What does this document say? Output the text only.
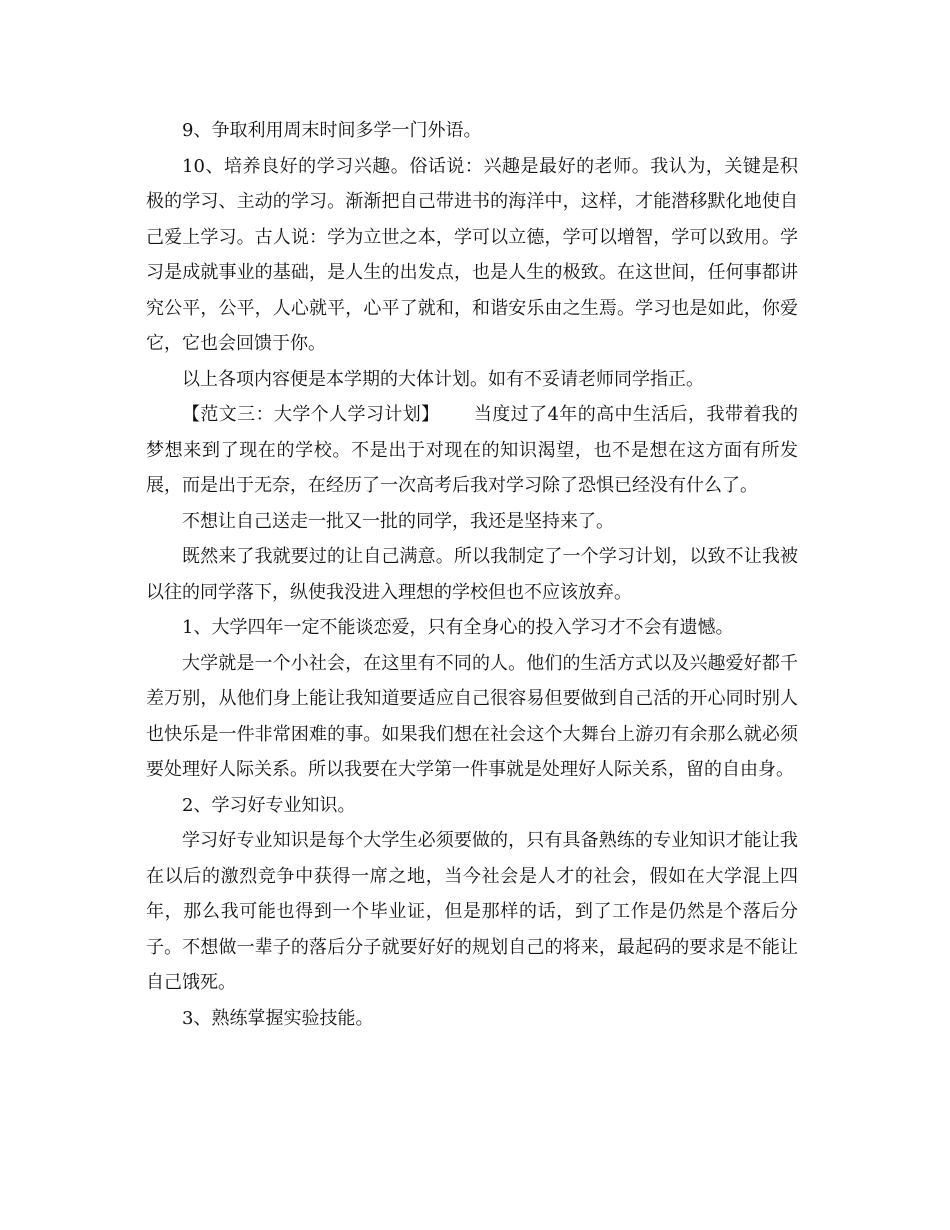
9、争取利用周末时间多学一门外语。

10、培养良好的学习兴趣。俗话说：兴趣是最好的老师。我认为，关键是积极的学习、主动的学习。渐渐把自己带进书的海洋中，这样，才能潜移默化地使自己爱上学习。古人说：学为立世之本，学可以立德，学可以增智，学可以致用。学习是成就事业的基础，是人生的出发点，也是人生的极致。在这世间，任何事都讲究公平，公平，人心就平，心平了就和，和谐安乐由之生焉。学习也是如此，你爱它，它也会回馈于你。

以上各项内容便是本学期的大体计划。如有不妥请老师同学指正。

【范文三：大学个人学习计划】 当度过了4年的高中生活后，我带着我的梦想来到了现在的学校。不是出于对现在的知识渴望，也不是想在这方面有所发展，而是出于无奈，在经历了一次高考后我对学习除了恐惧已经没有什么了。

不想让自己送走一批又一批的同学，我还是坚持来了。

既然来了我就要过的让自己满意。所以我制定了一个学习计划，以致不让我被以往的同学落下，纵使我没进入理想的学校但也不应该放弃。

1、大学四年一定不能谈恋爱，只有全身心的投入学习才不会有遗憾。

大学就是一个小社会，在这里有不同的人。他们的生活方式以及兴趣爱好都千差万别，从他们身上能让我知道要适应自己很容易但要做到自己活的开心同时别人也快乐是一件非常困难的事。如果我们想在社会这个大舞台上游刃有余那么就必须要处理好人际关系。所以我要在大学第一件事就是处理好人际关系，留的自由身。

2、学习好专业知识。

学习好专业知识是每个大学生必须要做的，只有具备熟练的专业知识才能让我在以后的激烈竞争中获得一席之地，当今社会是人才的社会，假如在大学混上四年，那么我可能也得到一个毕业证，但是那样的话，到了工作是仍然是个落后分子。不想做一辈子的落后分子就要好好的规划自己的将来，最起码的要求是不能让自己饿死。

3、熟练掌握实验技能。
